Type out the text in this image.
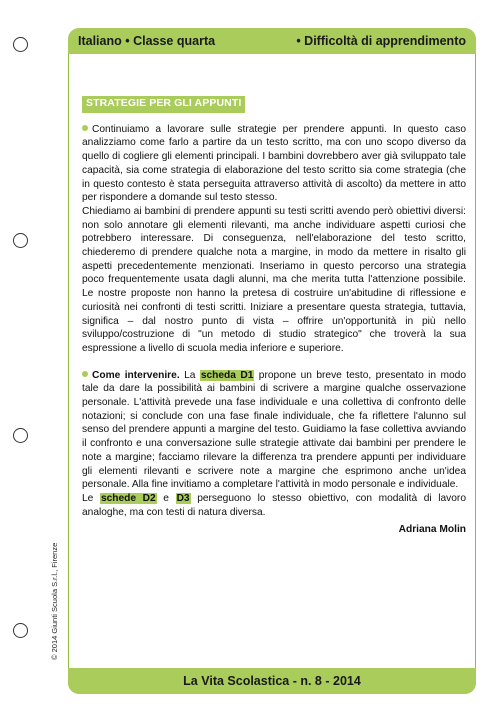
Italiano • Classe quarta	• Difficoltà di apprendimento
© 2014 Giunti Scuola S.r.l., Firenze
STRATEGIE PER GLI APPUNTI

Continuiamo a lavorare sulle strategie per prendere appunti. In questo caso analizziamo come farlo a partire da un testo scritto, ma con uno scopo diverso da quello di cogliere gli elementi principali. I bambini dovrebbero aver già sviluppato tale capacità, sia come strategia di elaborazione del testo scritto sia come strategia (che in questo contesto è stata perseguita attraverso attività di ascolto) da mettere in atto per rispondere a domande sul testo stesso.

Chiediamo ai bambini di prendere appunti su testi scritti avendo però obiettivi diversi: non solo annotare gli elementi rilevanti, ma anche individuare aspetti curiosi che potrebbero interessare. Di conseguenza, nell'elaborazione del testo scritto, chiederemo di prendere qualche nota a margine, in modo da mettere in risalto gli aspetti precedentemente menzionati. Inseriamo in questo percorso una strategia poco frequentemente usata dagli alunni, ma che merita tutta l'attenzione possibile. Le nostre proposte non hanno la pretesa di costruire un'abitudine di riflessione e curiosità nei confronti di testi scritti. Iniziare a presentare questa strategia, tuttavia, significa – dal nostro punto di vista – offrire un'opportunità in più nello sviluppo/costruzione di "un metodo di studio strategico" che troverà la sua espressione a livello di scuola media inferiore e superiore.

Come intervenire. La scheda D1 propone un breve testo, presentato in modo tale da dare la possibilità ai bambini di scrivere a margine qualche osservazione personale. L'attività prevede una fase individuale e una collettiva di confronto delle notazioni; si conclude con una fase finale individuale, che fa riflettere l'alunno sul senso del prendere appunti a margine del testo. Guidiamo la fase collettiva avviando il confronto e una conversazione sulle strategie attivate dai bambini per prendere le note a margine; facciamo rilevare la differenza tra prendere appunti per individuare gli elementi rilevanti e scrivere note a margine che esprimono anche un'idea personale. Alla fine invitiamo a completare l'attività in modo personale e individuale.

Le schede D2 e D3 perseguono lo stesso obiettivo, con modalità di lavoro analoghe, ma con testi di natura diversa.

Adriana Molin
La Vita Scolastica - n. 8 - 2014
